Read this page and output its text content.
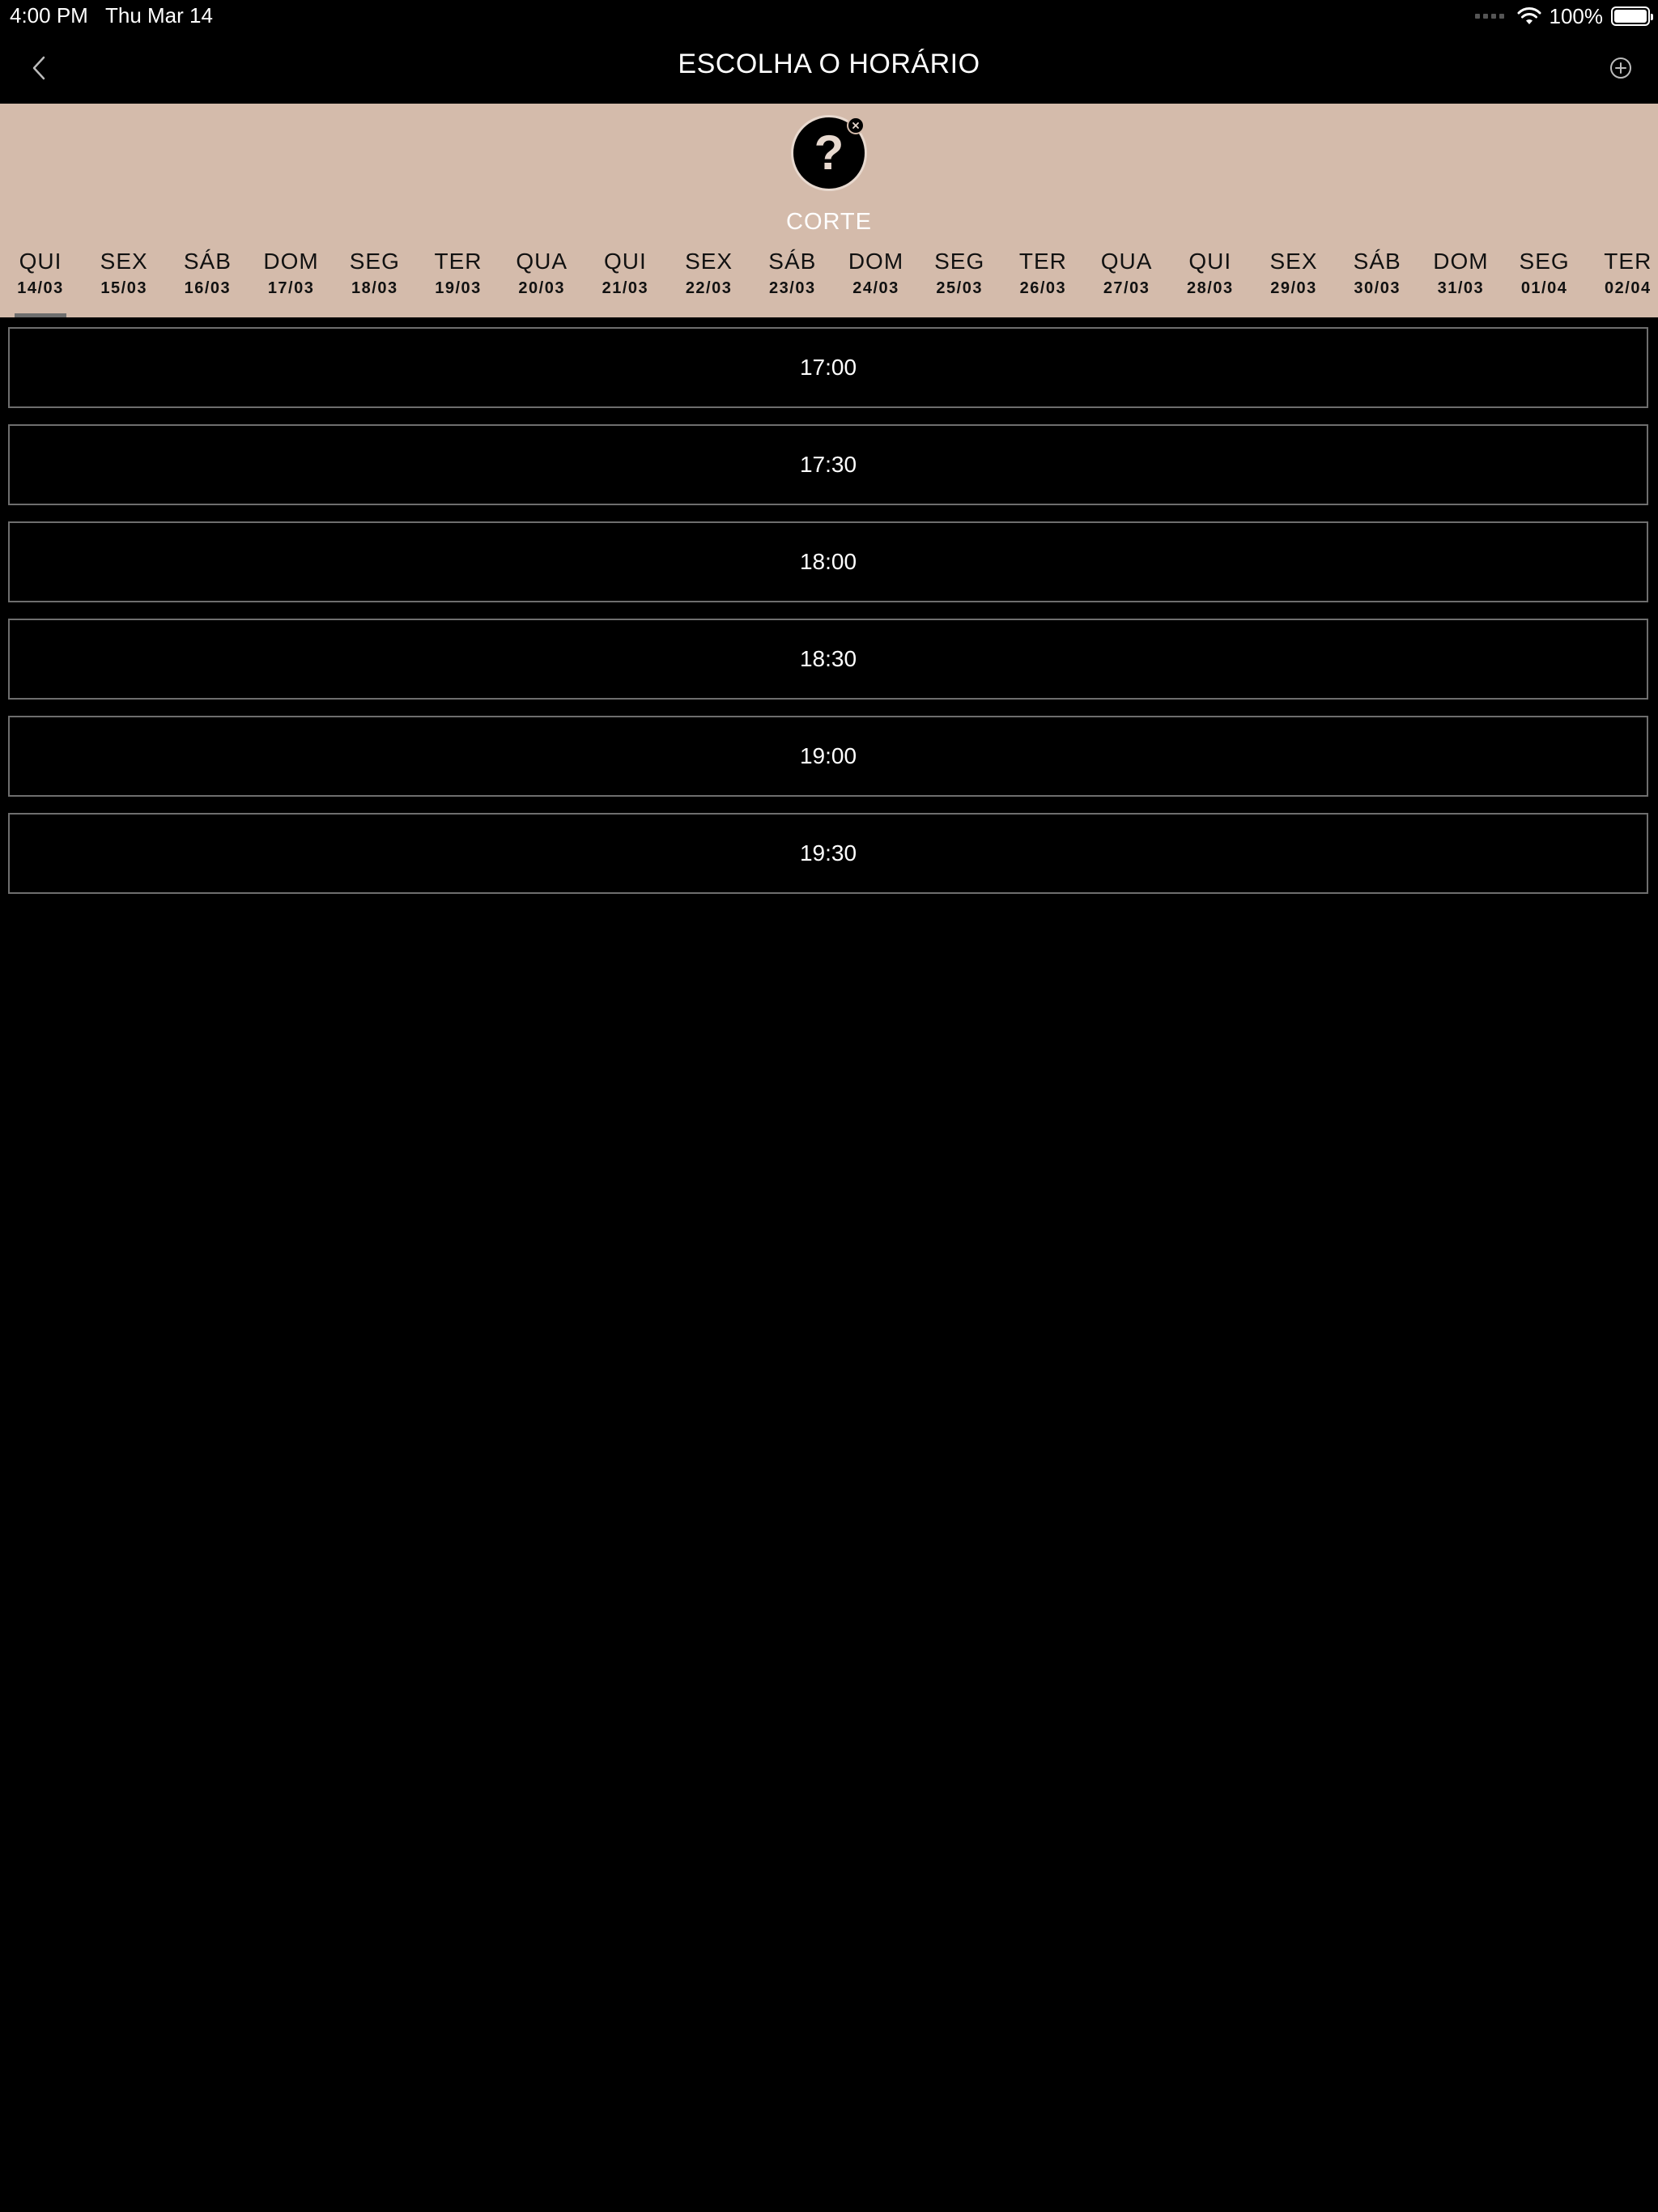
4:00 PM Thu Mar 14	100%
ESCOLHA O HORÁRIO
?
CORTE
QUI
14/03
SEX
15/03
SÁB
16/03
DOM
17/03
SEG
18/03
TER
19/03
QUA
20/03
QUI
21/03
SEX
22/03
SÁB
23/03
DOM
24/03
SEG
25/03
TER
26/03
QUA
27/03
QUI
28/03
SEX
29/03
SÁB
30/03
DOM
31/03
SEG
01/04
TER
02/04
17:00
17:30
18:00
18:30
19:00
19:30
